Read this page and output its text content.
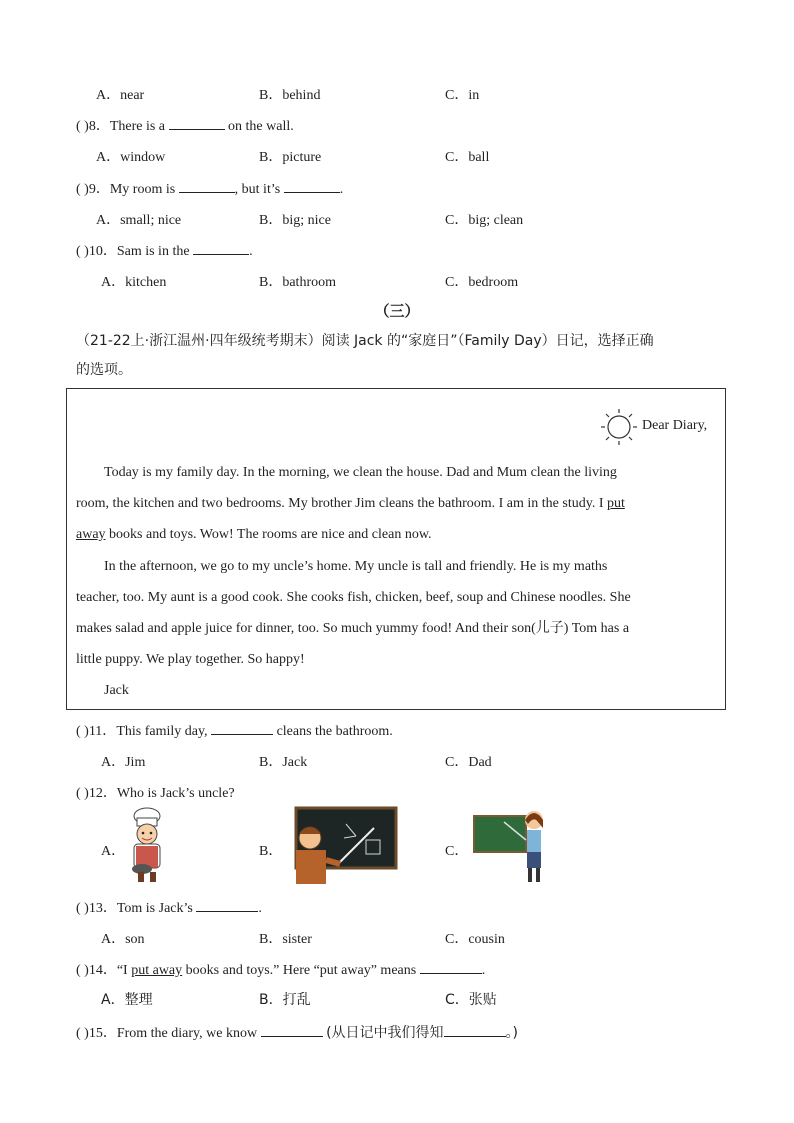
A．near	B．behind	C．in
( )8．There is a	on the wall.
A．window	B．picture	C．ball
( )9．My room is	, but it’s	.
A．small; nice	B．big; nice	C．big; clean
( )10．Sam is in the	.
A．kitchen	B．bathroom	C．bedroom
（三）
（21-22上·浙江温州·四年级统考期末）阅读 Jack 的“家庭日”（Family Day）日记，选择正确
的选项。
Dear Diary,
Today is my family day. In the morning, we clean the house. Dad and Mum clean the living
room, the kitchen and two bedrooms. My brother Jim cleans the bathroom. I am in the study. I put
away books and toys. Wow! The rooms are nice and clean now.
In the afternoon, we go to my uncle’s home. My uncle is tall and friendly. He is my maths
teacher, too. My aunt is a good cook. She cooks fish, chicken, beef, soup and Chinese noodles. She
makes salad and apple juice for dinner, too. So much yummy food! And their son(儿子) Tom has a
little puppy. We play together. So happy!
Jack
( )11．This family day,	cleans the bathroom.
A．Jim	B．Jack	C．Dad
( )12．Who is Jack’s uncle?
A．	B．	C．
( )13．Tom is Jack’s	.
A．son	B．sister	C．cousin
( )14．“I put away books and toys.” Here “put away” means	.
A．整理	B．打乱	C．张贴
( )15．From the diary, we know	(从日记中我们得知	。)
